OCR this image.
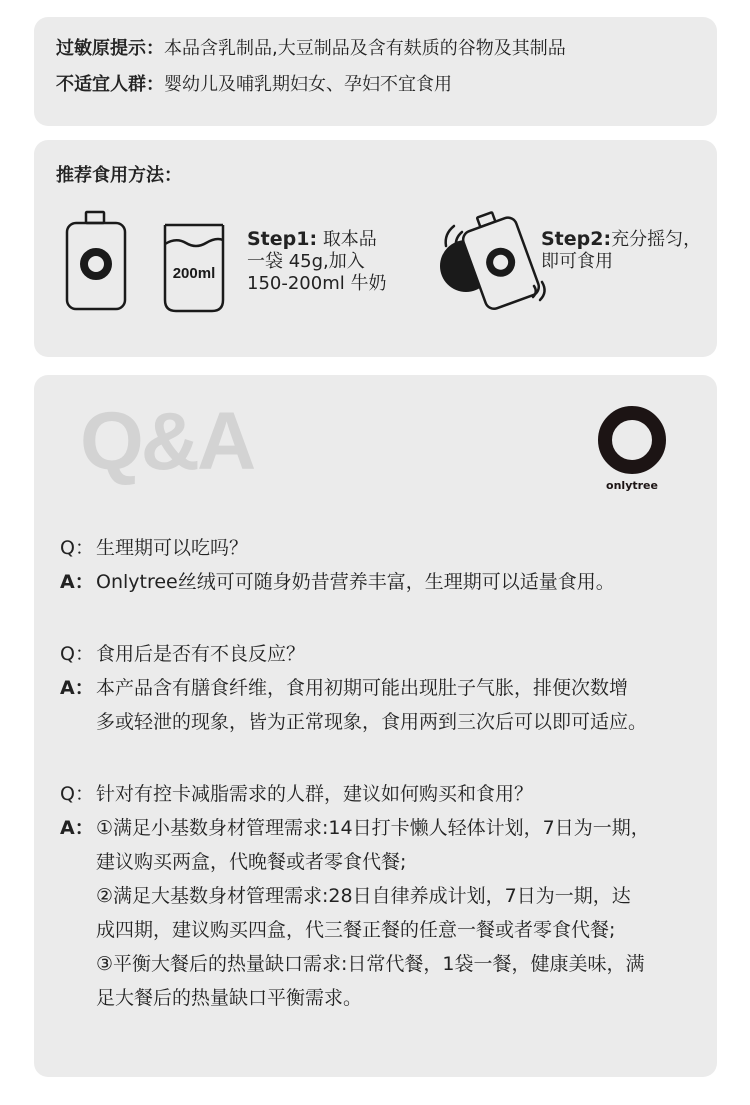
过敏原提示：本品含乳制品,大豆制品及含有麸质的谷物及其制品
不适宜人群：婴幼儿及哺乳期妇女、孕妇不宜食用
推荐食用方法：
200ml
Step1: 取本品
一袋 45g,加入
150-200ml 牛奶
Step2:充分摇匀，
即可食用
Q&A	onlytree
Q： 生理期可以吃吗？
A： Onlytree丝绒可可随身奶昔营养丰富，生理期可以适量食用。
Q： 食用后是否有不良反应？
A： 本产品含有膳食纤维，食用初期可能出现肚子气胀，排便次数增
多或轻泄的现象，皆为正常现象，食用两到三次后可以即可适应。
Q： 针对有控卡减脂需求的人群，建议如何购买和食用？
A： ①满足小基数身材管理需求:14日打卡懒人轻体计划，7日为一期，
建议购买两盒，代晚餐或者零食代餐;
②满足大基数身材管理需求:28日自律养成计划，7日为一期，达
成四期，建议购买四盒，代三餐正餐的任意一餐或者零食代餐;
③平衡大餐后的热量缺口需求:日常代餐，1袋一餐，健康美味，满
足大餐后的热量缺口平衡需求。
